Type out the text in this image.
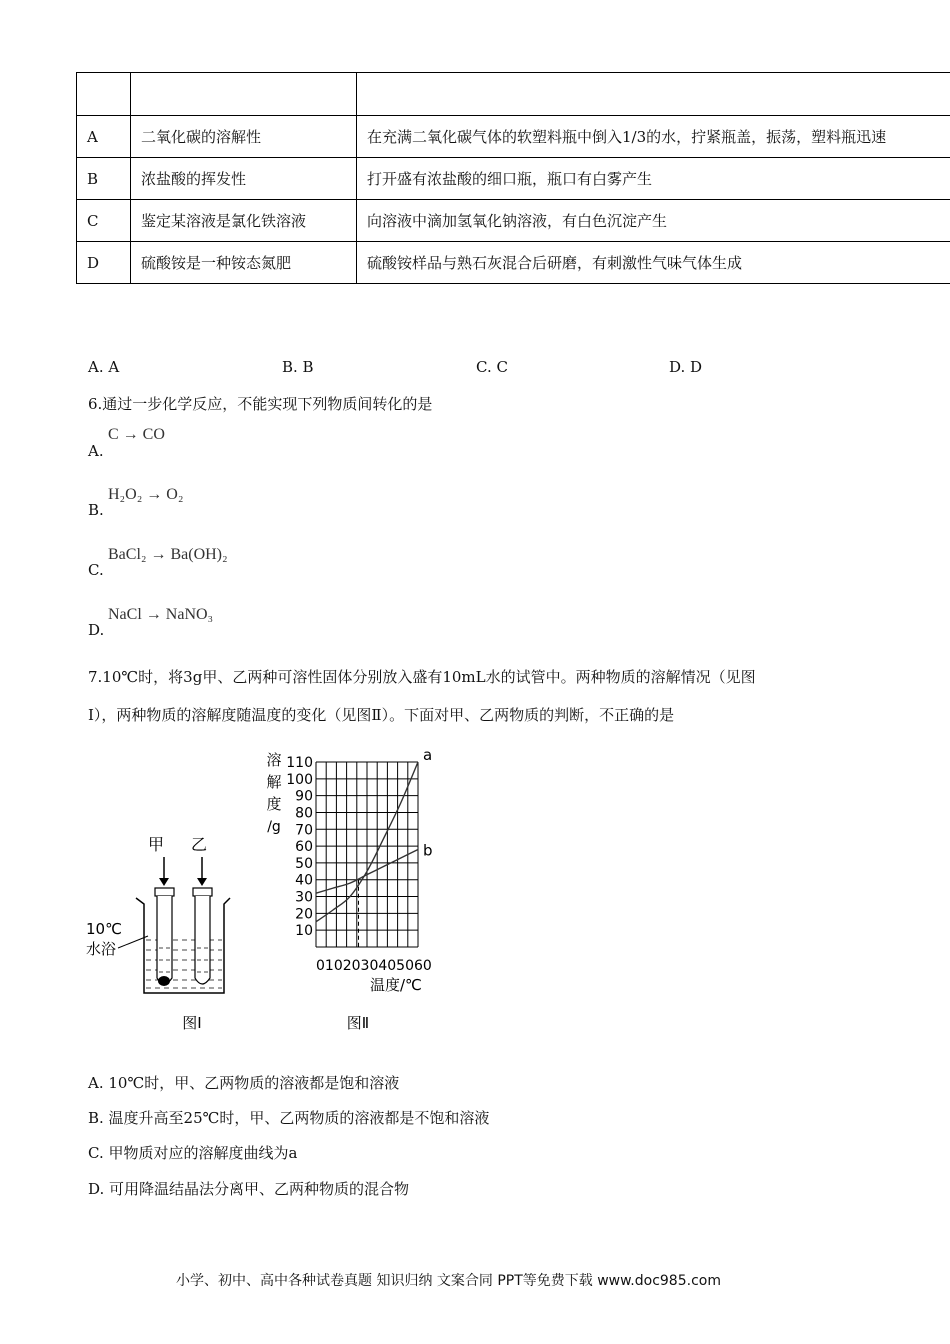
A	二氧化碳的溶解性	在充满二氧化碳气体的软塑料瓶中倒入1/3的水，拧紧瓶盖，振荡，塑料瓶迅速
B	浓盐酸的挥发性	打开盛有浓盐酸的细口瓶，瓶口有白雾产生
C	鉴定某溶液是氯化铁溶液	向溶液中滴加氢氧化钠溶液，有白色沉淀产生
D	硫酸铵是一种铵态氮肥	硫酸铵样品与熟石灰混合后研磨，有刺激性气味气体生成
A. A	B. B	C. C	D. D
6.通过一步化学反应，不能实现下列物质间转化的是
A.
C → CO
B.
H₂O₂ → O₂
C.
BaCl₂ → Ba(OH)₂
D.
NaCl → NaNO₃
7.10℃时，将3g甲、乙两种可溶性固体分别放入盛有10mL水的试管中。两种物质的溶解情况（见图
I），两种物质的溶解度随温度的变化（见图Ⅱ）。下面对甲、乙两物质的判断，不正确的是
甲 乙
10℃
水浴
图Ⅰ
溶
解
度
/g
10
20
30
40
50
60
70
80
90
100
110	a
b
0102030405060
温度/℃
图Ⅱ
A. 10℃时，甲、乙两物质的溶液都是饱和溶液
B. 温度升高至25℃时，甲、乙两物质的溶液都是不饱和溶液
C. 甲物质对应的溶解度曲线为a
D. 可用降温结晶法分离甲、乙两种物质的混合物
小学、初中、高中各种试卷真题 知识归纳 文案合同 PPT等免费下载 www.doc985.com
